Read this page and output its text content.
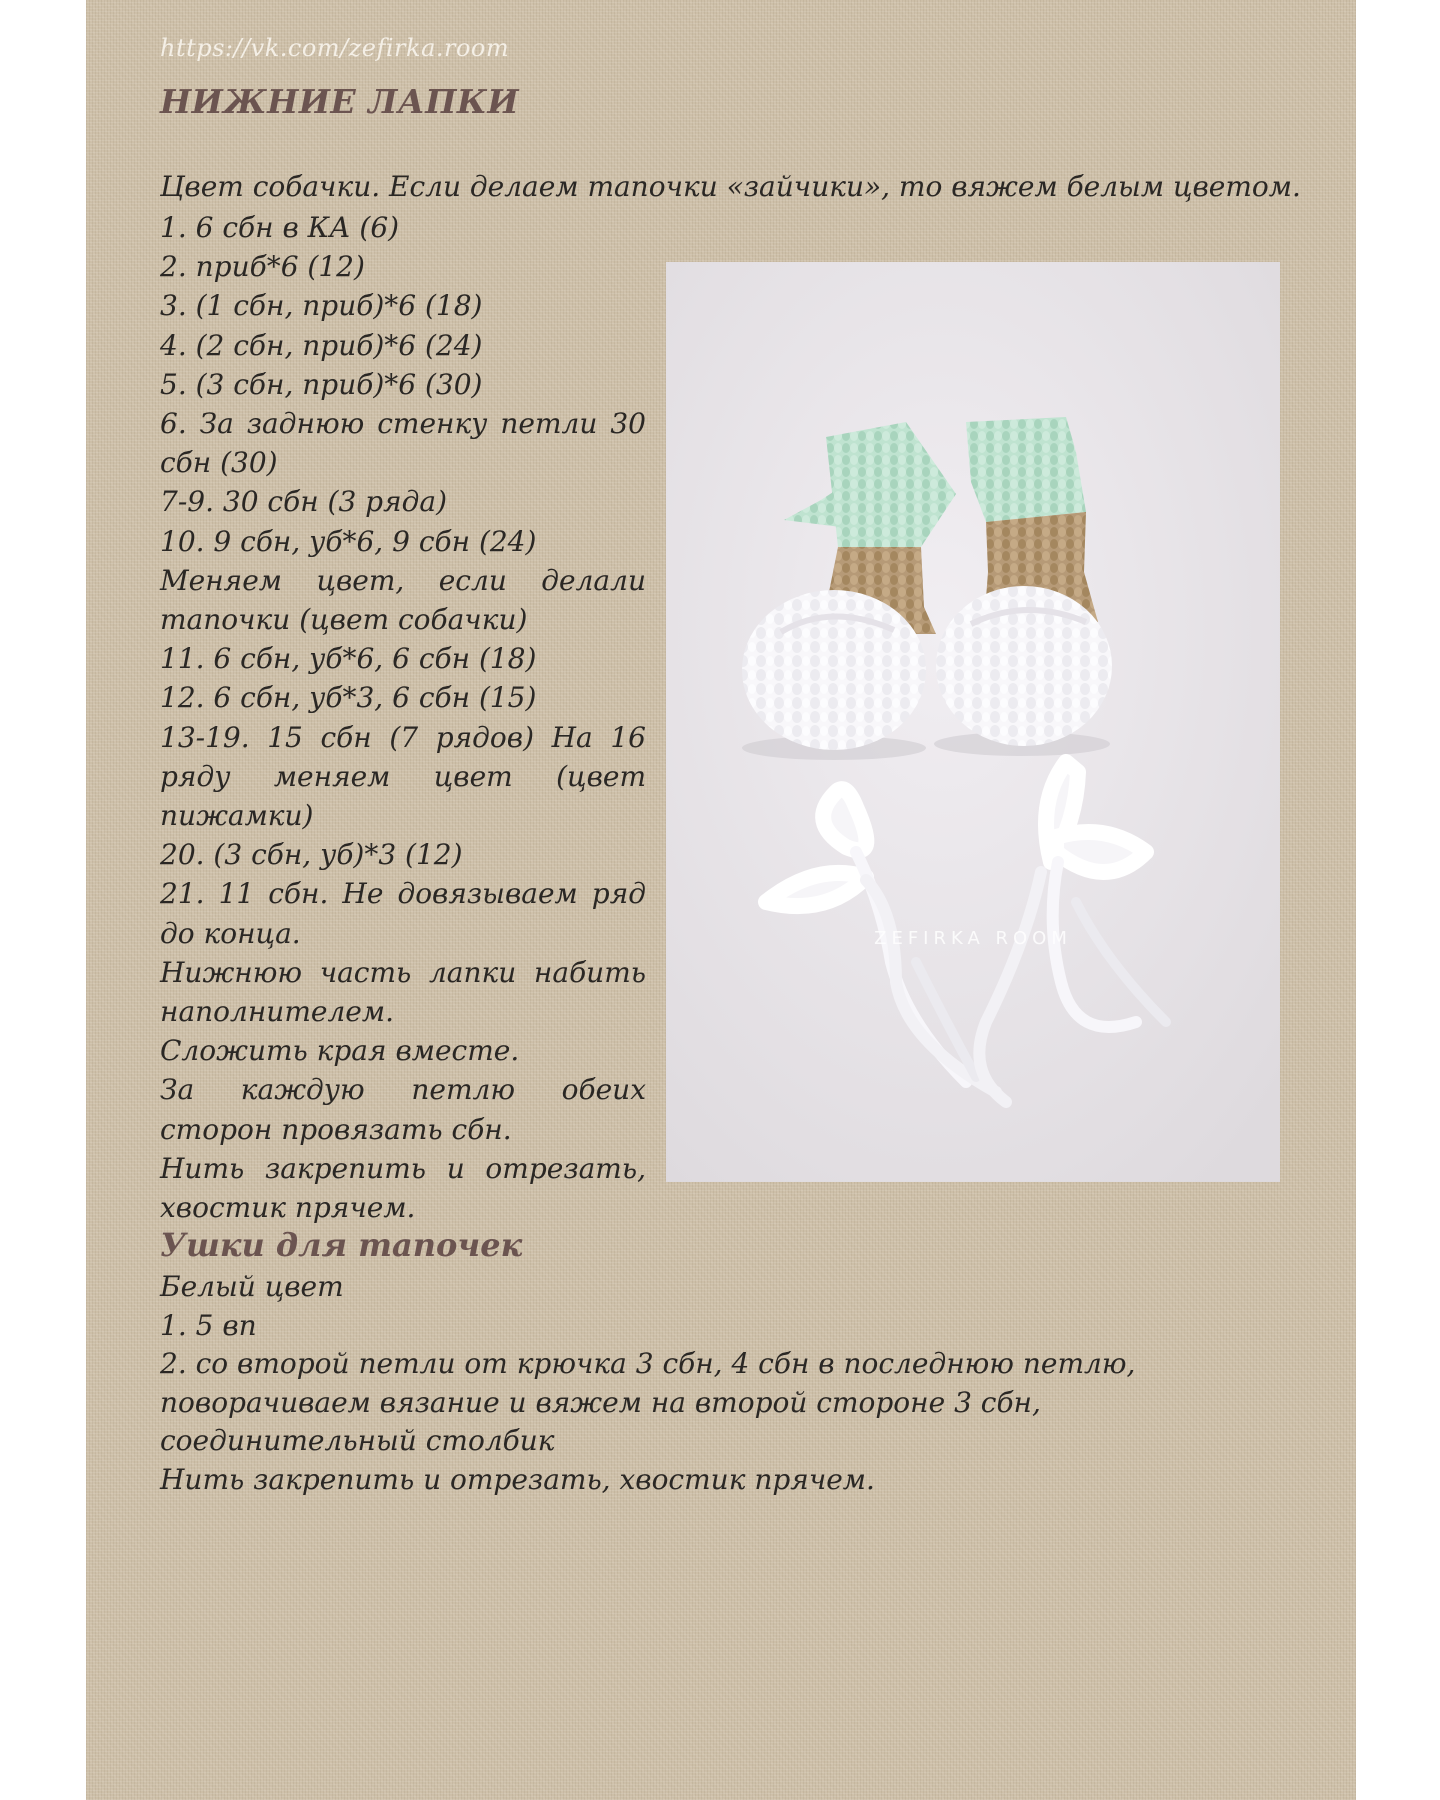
https://vk.com/zefirka.room
НИЖНИЕ ЛАПКИ

Цвет собачки. Если делаем тапочки «зайчики», то вяжем белым цветом.

1. 6 сбн в КА (6)
2. приб*6 (12)
3. (1 сбн, приб)*6 (18)
4. (2 сбн, приб)*6 (24)
5. (3 сбн, приб)*6 (30)
6. За заднюю стенку петли 30 сбн (30)
7-9. 30 сбн (3 ряда)
10. 9 сбн, уб*6, 9 сбн (24)
Меняем цвет, если делали тапочки (цвет собачки)
11. 6 сбн, уб*6, 6 сбн (18)
12. 6 сбн, уб*3, 6 сбн (15)
13-19. 15 сбн (7 рядов) На 16 ряду меняем цвет (цвет пижамки)
20. (3 сбн, уб)*3 (12)
21. 11 сбн. Не довязываем ряд до конца.
Нижнюю часть лапки набить наполнителем.
Сложить края вместе.
За каждую петлю обеих сторон провязать сбн.
Нить закрепить и отрезать, хвостик прячем.
ZEFIRKA ROOM
Ушки для тапочек
Белый цвет
1. 5 вп
2. со второй петли от крючка 3 сбн, 4 сбн в последнюю петлю, поворачиваем вязание и вяжем на второй стороне 3 сбн, соединительный столбик
Нить закрепить и отрезать, хвостик прячем.
